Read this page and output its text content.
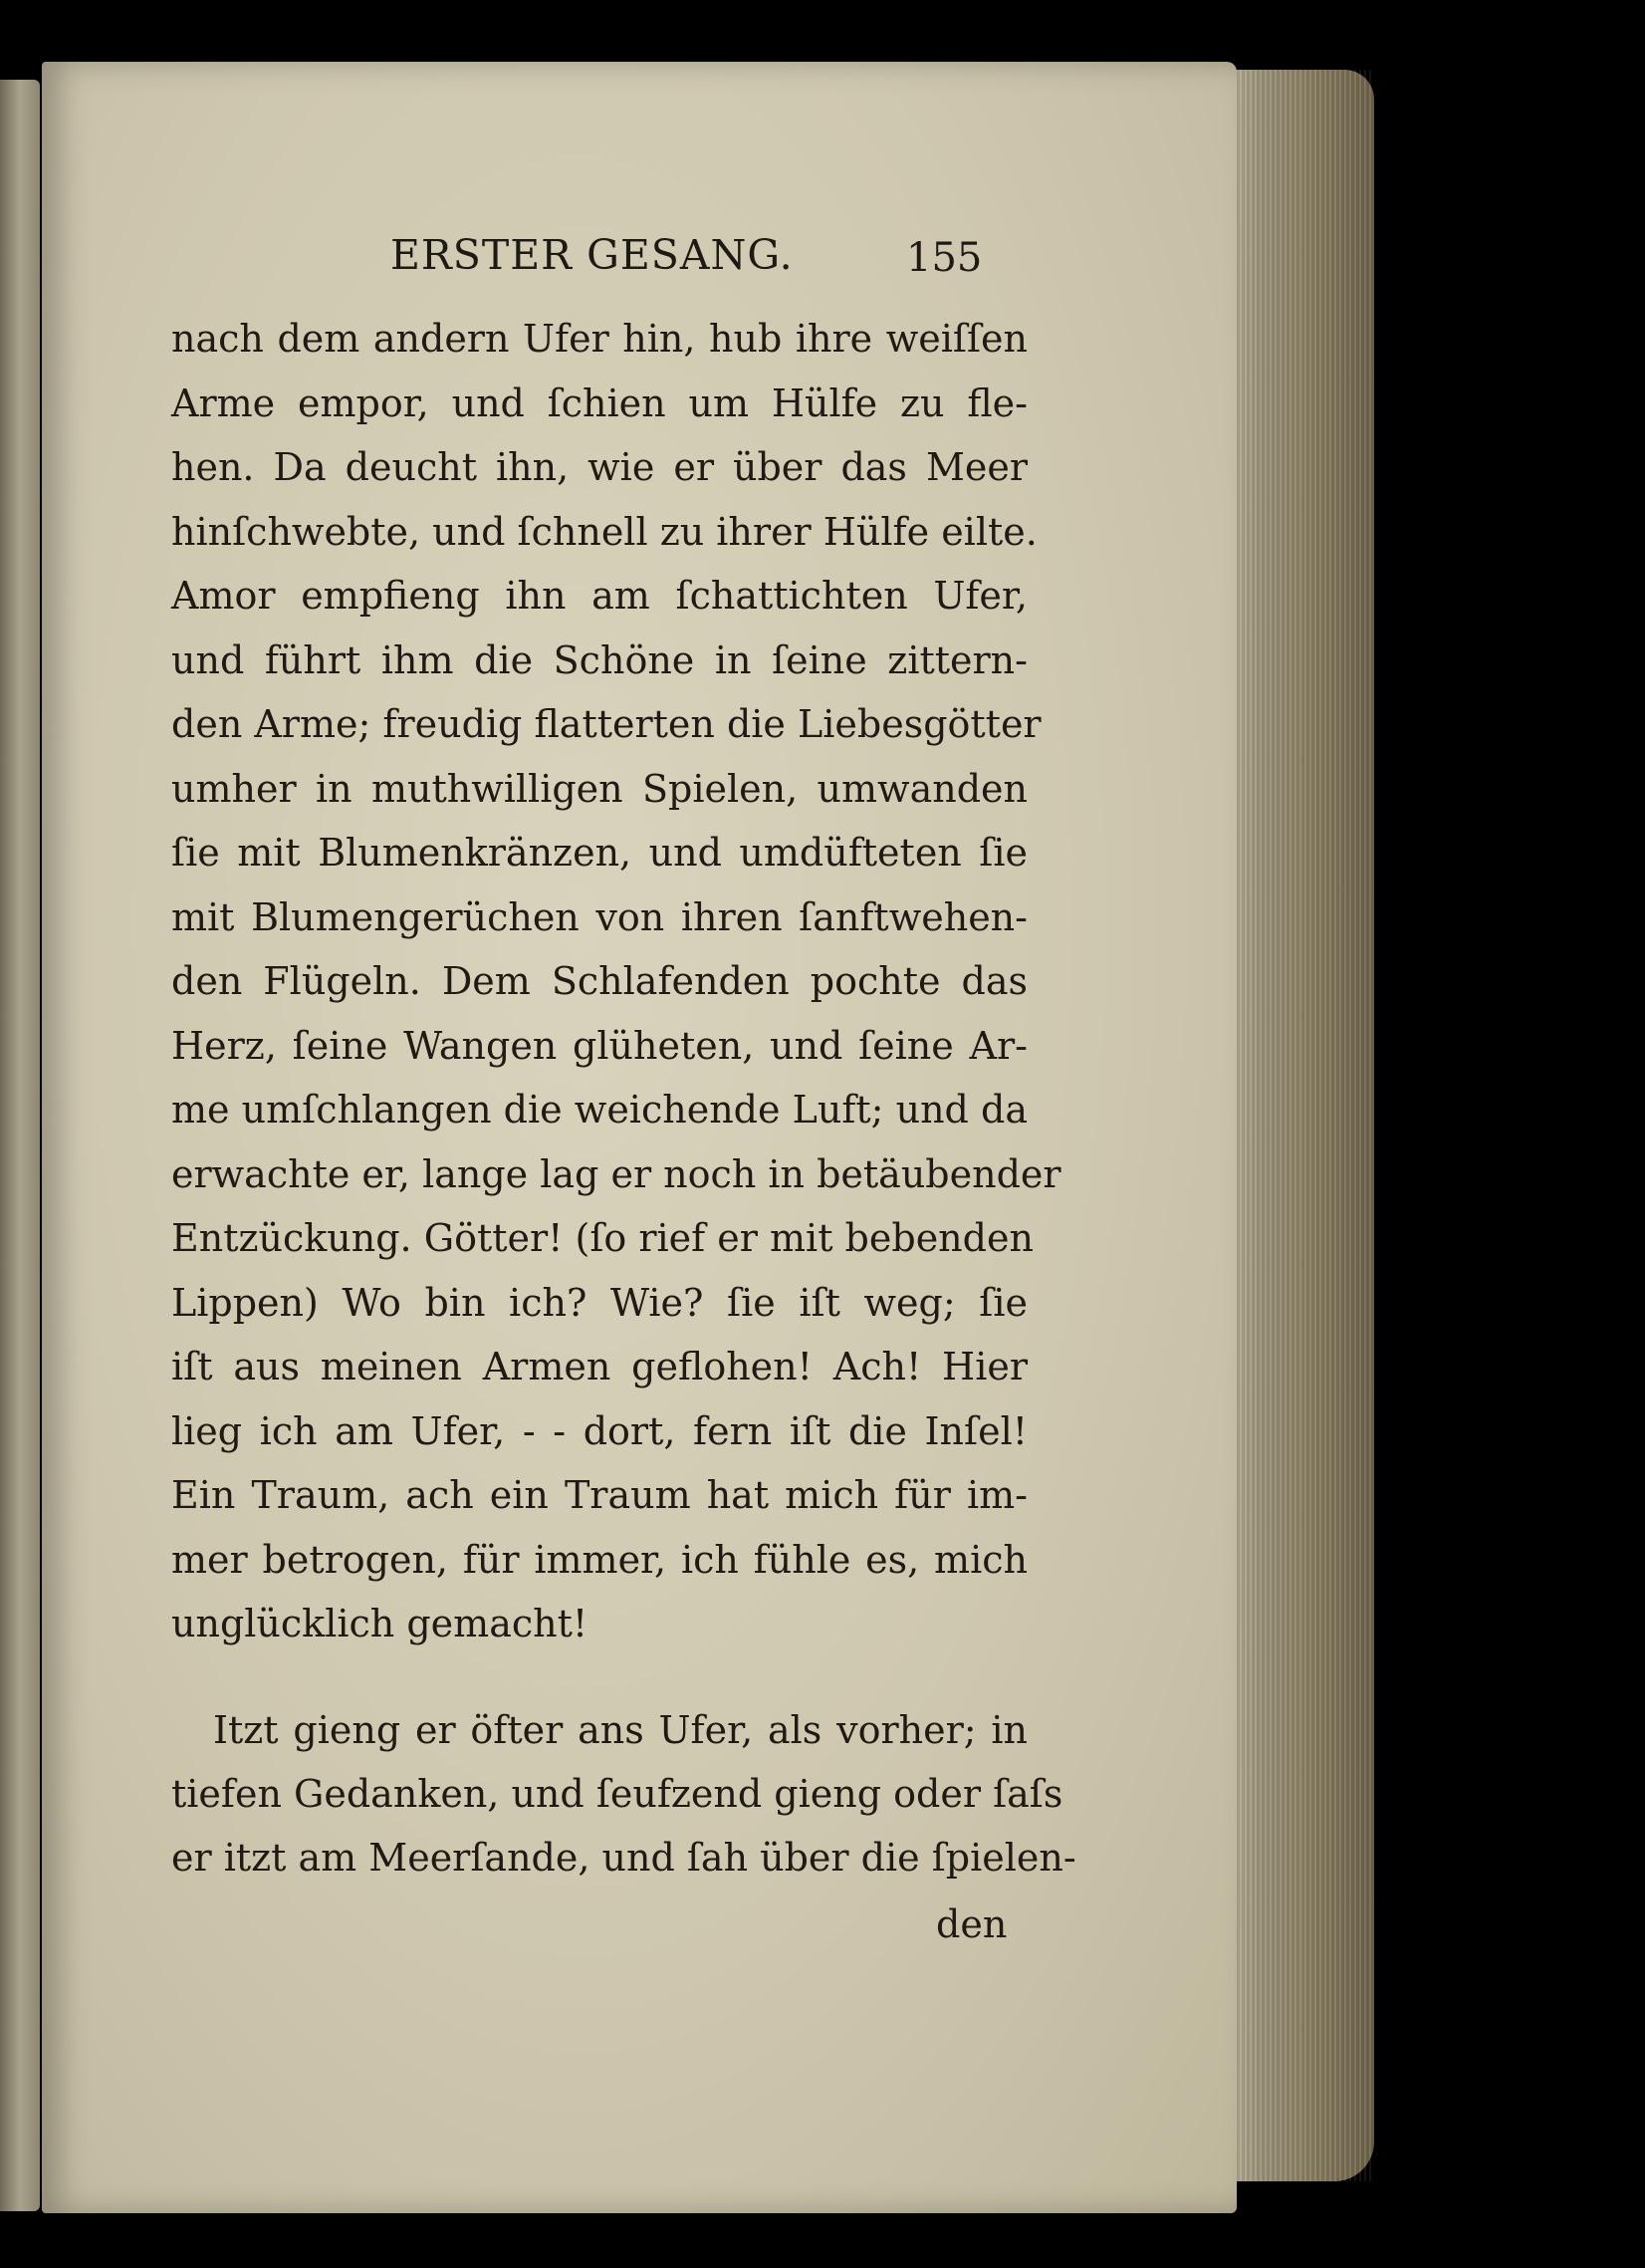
ERSTER GESANG.	155
nach dem andern Ufer hin, hub ihre weiſſen
Arme empor, und ſchien um Hülfe zu fle-
hen. Da deucht ihn, wie er über das Meer
hinſchwebte, und ſchnell zu ihrer Hülfe eilte.
Amor empfieng ihn am ſchattichten Ufer,
und führt ihm die Schöne in ſeine zittern-
den Arme; freudig flatterten die Liebesgötter
umher in muthwilligen Spielen, umwanden
ſie mit Blumenkränzen, und umdüfteten ſie
mit Blumengerüchen von ihren ſanftwehen-
den Flügeln. Dem Schlafenden pochte das
Herz, ſeine Wangen glüheten, und ſeine Ar-
me umſchlangen die weichende Luft; und da
erwachte er, lange lag er noch in betäubender
Entzückung. Götter! (ſo rief er mit bebenden
Lippen) Wo bin ich? Wie? ſie iſt weg; ſie
iſt aus meinen Armen geflohen! Ach! Hier
lieg ich am Ufer, - - dort, fern iſt die Inſel!
Ein Traum, ach ein Traum hat mich für im-
mer betrogen, für immer, ich fühle es, mich
unglücklich gemacht!
Itzt gieng er öfter ans Ufer, als vorher; in
tiefen Gedanken, und ſeufzend gieng oder ſaſs
er itzt am Meerſande, und ſah über die ſpielen-
den
